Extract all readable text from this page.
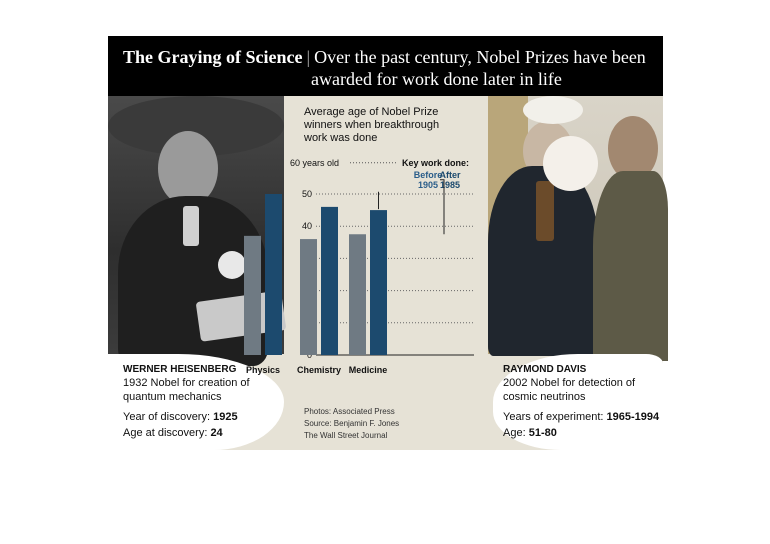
The Graying of Science | Over the past century, Nobel Prizes have been
awarded for work done later in life
WERNER HEISENBERG
1932 Nobel for creation of
quantum mechanics
Year of discovery: 1925
Age at discovery: 24
RAYMOND DAVIS
2002 Nobel for detection of
cosmic neutrinos
Years of experiment: 1965-1994
Age: 51-80
Average age of Nobel Prize
winners when breakthrough
work was done
60 years old
40
50
Physics Chemistry Medicine
Key work done:
Before
1905
After
1985
Photos: Associated Press
Source: Benjamin F. Jones
The Wall Street Journal
